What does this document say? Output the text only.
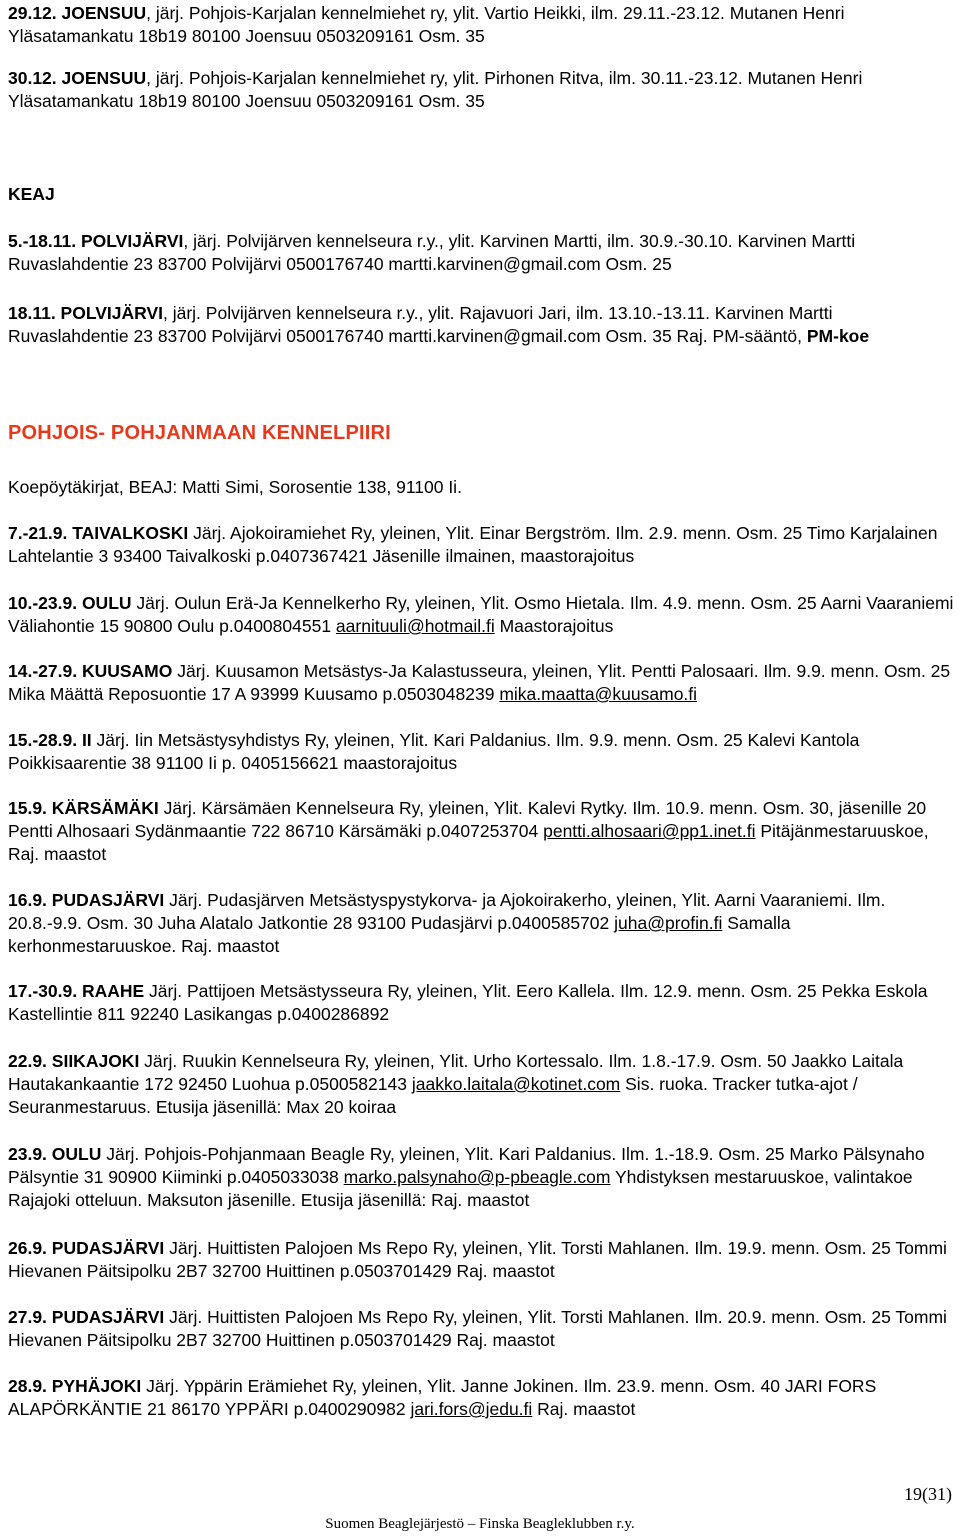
29.12. JOENSUU, järj. Pohjois-Karjalan kennelmiehet ry, ylit. Vartio Heikki, ilm. 29.11.-23.12. Mutanen Henri Yläsatamankatu 18b19 80100 Joensuu 0503209161 Osm. 35
30.12. JOENSUU, järj. Pohjois-Karjalan kennelmiehet ry, ylit. Pirhonen Ritva, ilm. 30.11.-23.12. Mutanen Henri Yläsatamankatu 18b19 80100 Joensuu 0503209161 Osm. 35
KEAJ
5.-18.11. POLVIJÄRVI, järj. Polvijärven kennelseura r.y., ylit. Karvinen Martti, ilm. 30.9.-30.10. Karvinen Martti Ruvaslahdentie 23 83700 Polvijärvi 0500176740 martti.karvinen@gmail.com Osm. 25
18.11. POLVIJÄRVI, järj. Polvijärven kennelseura r.y., ylit. Rajavuori Jari, ilm. 13.10.-13.11. Karvinen Martti Ruvaslahdentie 23 83700 Polvijärvi 0500176740 martti.karvinen@gmail.com Osm. 35 Raj. PM-sääntö, PM-koe
POHJOIS- POHJANMAAN KENNELPIIRI
Koepöytäkirjat, BEAJ: Matti Simi, Sorosentie 138, 91100 Ii.
7.-21.9. TAIVALKOSKI Järj. Ajokoiramiehet Ry, yleinen, Ylit. Einar Bergström. Ilm. 2.9. menn. Osm. 25 Timo Karjalainen Lahtelantie 3 93400 Taivalkoski p.0407367421 Jäsenille ilmainen, maastorajoitus
10.-23.9. OULU Järj. Oulun Erä-Ja Kennelkerho Ry, yleinen, Ylit. Osmo Hietala. Ilm. 4.9. menn. Osm. 25 Aarni Vaaraniemi Väliahontie 15 90800 Oulu p.0400804551 aarnituuli@hotmail.fi Maastorajoitus
14.-27.9. KUUSAMO Järj. Kuusamon Metsästys-Ja Kalastusseura, yleinen, Ylit. Pentti Palosaari. Ilm. 9.9. menn. Osm. 25 Mika Määttä Reposuontie 17 A 93999 Kuusamo p.0503048239 mika.maatta@kuusamo.fi
15.-28.9. II Järj. Iin Metsästysyhdistys Ry, yleinen, Ylit. Kari Paldanius. Ilm. 9.9. menn. Osm. 25 Kalevi Kantola Poikkisaarentie 38 91100 Ii p. 0405156621 maastorajoitus
15.9. KÄRSÄMÄKI Järj. Kärsämäen Kennelseura Ry, yleinen, Ylit. Kalevi Rytky. Ilm. 10.9. menn. Osm. 30, jäsenille 20 Pentti Alhosaari Sydänmaantie 722 86710 Kärsämäki p.0407253704 pentti.alhosaari@pp1.inet.fi Pitäjänmestaruuskoe, Raj. maastot
16.9. PUDASJÄRVI Järj. Pudasjärven Metsästyspystykorva- ja Ajokoirakerho, yleinen, Ylit. Aarni Vaaraniemi. Ilm. 20.8.-9.9. Osm. 30 Juha Alatalo Jatkontie 28 93100 Pudasjärvi p.0400585702 juha@profin.fi Samalla kerhonmestaruuskoe. Raj. maastot
17.-30.9. RAAHE Järj. Pattijoen Metsästysseura Ry, yleinen, Ylit. Eero Kallela. Ilm. 12.9. menn. Osm. 25 Pekka Eskola Kastellintie 811 92240 Lasikangas p.0400286892
22.9. SIIKAJOKI Järj. Ruukin Kennelseura Ry, yleinen, Ylit. Urho Kortessalo. Ilm. 1.8.-17.9. Osm. 50 Jaakko Laitala Hautakankaantie 172 92450 Luohua p.0500582143 jaakko.laitala@kotinet.com Sis. ruoka. Tracker tutka-ajot / Seuranmestaruus. Etusija jäsenillä: Max 20 koiraa
23.9. OULU Järj. Pohjois-Pohjanmaan Beagle Ry, yleinen, Ylit. Kari Paldanius. Ilm. 1.-18.9. Osm. 25 Marko Pälsynaho Pälsyntie 31 90900 Kiiminki p.0405033038 marko.palsynaho@p-pbeagle.com Yhdistyksen mestaruuskoe, valintakoe Rajajoki otteluun. Maksuton jäsenille. Etusija jäsenillä: Raj. maastot
26.9. PUDASJÄRVI Järj. Huittisten Palojoen Ms Repo Ry, yleinen, Ylit. Torsti Mahlanen. Ilm. 19.9. menn. Osm. 25 Tommi Hievanen Päitsipolku 2B7 32700 Huittinen p.0503701429 Raj. maastot
27.9. PUDASJÄRVI Järj. Huittisten Palojoen Ms Repo Ry, yleinen, Ylit. Torsti Mahlanen. Ilm. 20.9. menn. Osm. 25 Tommi Hievanen Päitsipolku 2B7 32700 Huittinen p.0503701429 Raj. maastot
28.9. PYHÄJOKI Järj. Yppärin Erämiehet Ry, yleinen, Ylit. Janne Jokinen. Ilm. 23.9. menn. Osm. 40 JARI FORS ALAPÖRKÄNTIE 21 86170 YPPÄRI p.0400290982 jari.fors@jedu.fi Raj. maastot
19(31)
Suomen Beaglejärjestö – Finska Beagleklubben r.y.
